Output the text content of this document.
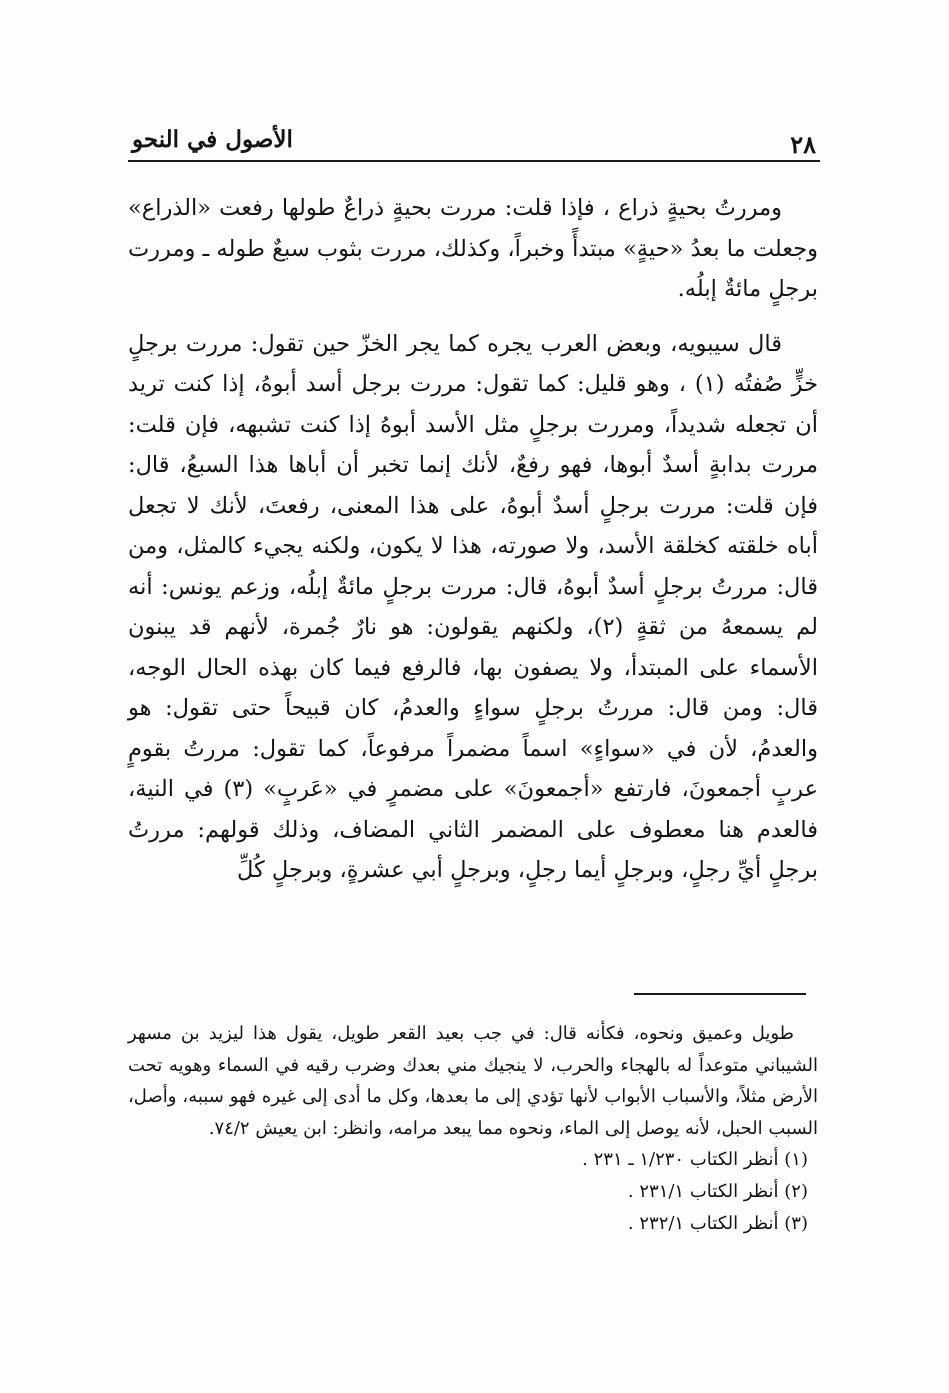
٢٨
الأصول في النحو

ومررتُ بحيةٍ ذراع ، فإذا قلت: مررت بحيةٍ ذراعٌ طولها رفعت «الذراع» وجعلت ما بعدُ «حيةٍ» مبتدأً وخبراً، وكذلك، مررت بثوب سبعٌ طوله ـ ومررت برجلٍ مائةٌ إبلُه.

قال سيبويه، وبعض العرب يجره كما يجر الخزّ حين تقول: مررت برجلٍ خزٍّ صُفتُه (١) ، وهو قليل: كما تقول: مررت برجل أسد أبوهُ، إذا كنت تريد أن تجعله شديداً، ومررت برجلٍ مثل الأسد أبوهُ إذا كنت تشبهه، فإن قلت: مررت بدابةٍ أسدٌ أبوها، فهو رفعٌ، لأنك إنما تخبر أن أباها هذا السبعُ، قال: فإن قلت: مررت برجلٍ أسدٌ أبوهُ، على هذا المعنى، رفعتَ، لأنك لا تجعل أباه خلقته كخلقة الأسد، ولا صورته، هذا لا يكون، ولكنه يجيء كالمثل، ومن قال: مررتُ برجلٍ أسدٌ أبوهُ، قال: مررت برجلٍ مائةٌ إبلُه، وزعم يونس: أنه لم يسمعهُ من ثقةٍ (٢)، ولكنهم يقولون: هو نارٌ جُمرة، لأنهم قد يبنون الأسماء على المبتدأ، ولا يصفون بها، فالرفع فيما كان بهذه الحال الوجه، قال: ومن قال: مررتُ برجلٍ سواءٍ والعدمُ، كان قبيحاً حتى تقول: هو والعدمُ، لأن في «سواءٍ» اسماً مضمراً مرفوعاً، كما تقول: مررتُ بقومٍ عربٍ أجمعونَ، فارتفع «أجمعونَ» على مضمرٍ في «عَربٍ» (٣) في النية، فالعدم هنا معطوف على المضمر الثاني المضاف، وذلك قولهم: مررتُ برجلٍ أيِّ رجلٍ، وبرجلٍ أيما رجلٍ، وبرجلٍ أبي عشرةٍ، وبرجلٍ كُلِّ

طويل وعميق ونحوه، فكأنه قال: في جب بعيد القعر طويل، يقول هذا ليزيد بن مسهر الشيباني متوعداً له بالهجاء والحرب، لا ينجيك مني بعدك وضرب رقيه في السماء وهويه تحت الأرض مثلاً، والأسباب الأبواب لأنها تؤدي إلى ما بعدها، وكل ما أدى إلى غيره فهو سببه، وأصل، السبب الحبل، لأنه يوصل إلى الماء، ونحوه مما يبعد مرامه، وانظر: ابن يعيش ٧٤/٢.

(١) أنظر الكتاب ١/٢٣٠ ـ ٢٣١ .

(٢) أنظر الكتاب ٢٣١/١ .

(٣) أنظر الكتاب ٢٣٢/١ .
